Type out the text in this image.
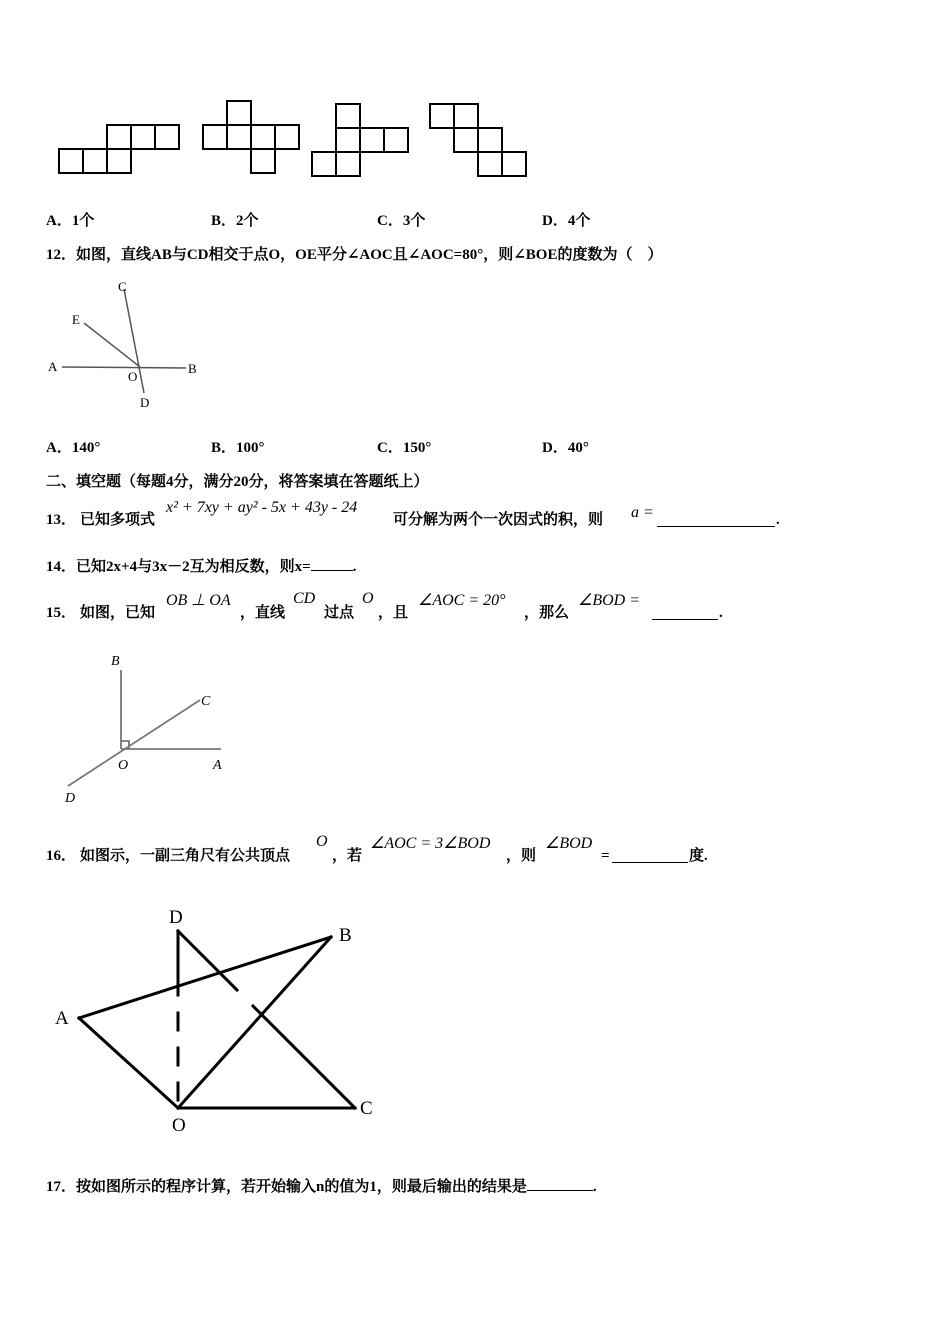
A．1个	B．2个	C．3个	D．4个
12．如图，直线AB与CD相交于点O，OE平分∠AOC且∠AOC=80°，则∠BOE的度数为（　）
C
E
A
O
B
D
A．140°	B．100°	C．150°	D．40°
二、填空题（每题4分，满分20分，将答案填在答题纸上）
13． 已知多项式
x² + 7xy + ay² - 5x + 43y - 24
可分解为两个一次因式的积，则 a =	.
14．已知2x+4与3x－2互为相反数，则x=	.
15． 如图，已知
OB ⊥ OA
，直线
CD
过点
O
，且
∠AOC = 20°
，那么
∠BOD =
.
B
C
O	A
D
16． 如图示，一副三角尺有公共顶点
O
，若
∠AOC = 3∠BOD
，则
∠BOD
=	度.
D
B
A
O
C
17．按如图所示的程序计算，若开始输入n的值为1，则最后输出的结果是	.
